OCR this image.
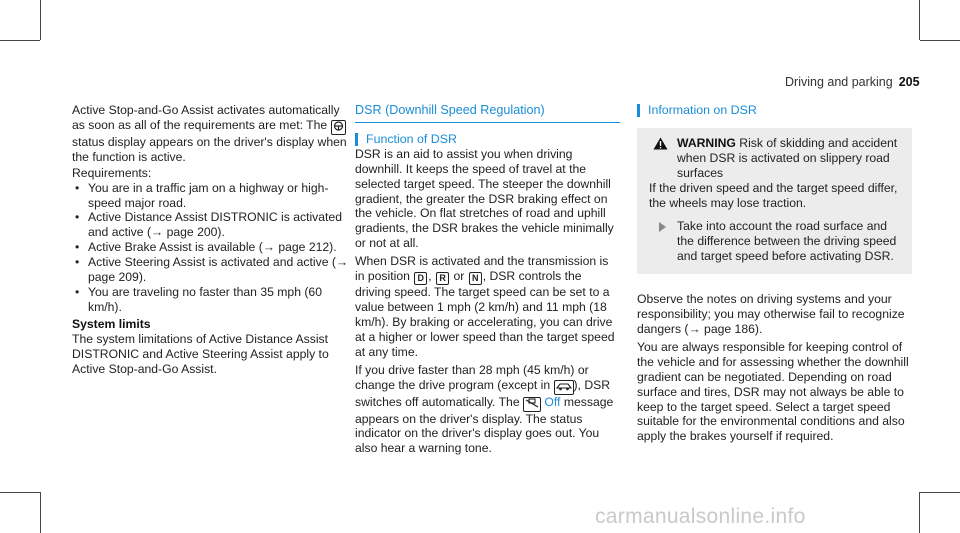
Driving and parking 205

Active Stop-and-Go Assist activates automatically as soon as all of the requirements are met: The  status display appears on the driver's display when the function is active.

Requirements:

• You are in a traffic jam on a highway or high-speed major road.

• Active Distance Assist DISTRONIC is activated and active (→ page 200).

• Active Brake Assist is available (→ page 212).

• Active Steering Assist is activated and active (→ page 209).

• You are traveling no faster than 35 mph (60 km/h).

System limits

The system limitations of Active Distance Assist DISTRONIC and Active Steering Assist apply to Active Stop-and-Go Assist.

DSR (Downhill Speed Regulation)
Function of DSR

DSR is an aid to assist you when driving downhill. It keeps the speed of travel at the selected target speed. The steeper the downhill gradient, the greater the DSR braking effect on the vehicle. On flat stretches of road and uphill gradients, the DSR brakes the vehicle minimally or not at all.

When DSR is activated and the transmission is in position D , R or N , DSR controls the driving speed. The target speed can be set to a value between 1 mph (2 km/h) and 11 mph (18 km/h). By braking or accelerating, you can drive at a higher or lower speed than the target speed at any time.

If you drive faster than 28 mph (45 km/h) or change the drive program (except in ), DSR switches off automatically. The Off message appears on the driver's display. The status indicator on the driver's display goes out. You also hear a warning tone.

Information on DSR
WARNING Risk of skidding and accident when DSR is activated on slippery road surfaces

If the driven speed and the target speed differ, the wheels may lose traction.

Take into account the road surface and the difference between the driving speed and target speed before activating DSR.

Observe the notes on driving systems and your responsibility; you may otherwise fail to recognize dangers (→ page 186).

You are always responsible for keeping control of the vehicle and for assessing whether the downhill gradient can be negotiated. Depending on road surface and tires, DSR may not always be able to keep to the target speed. Select a target speed suitable for the environmental conditions and also apply the brakes yourself if required.

carmanualsonline.info
